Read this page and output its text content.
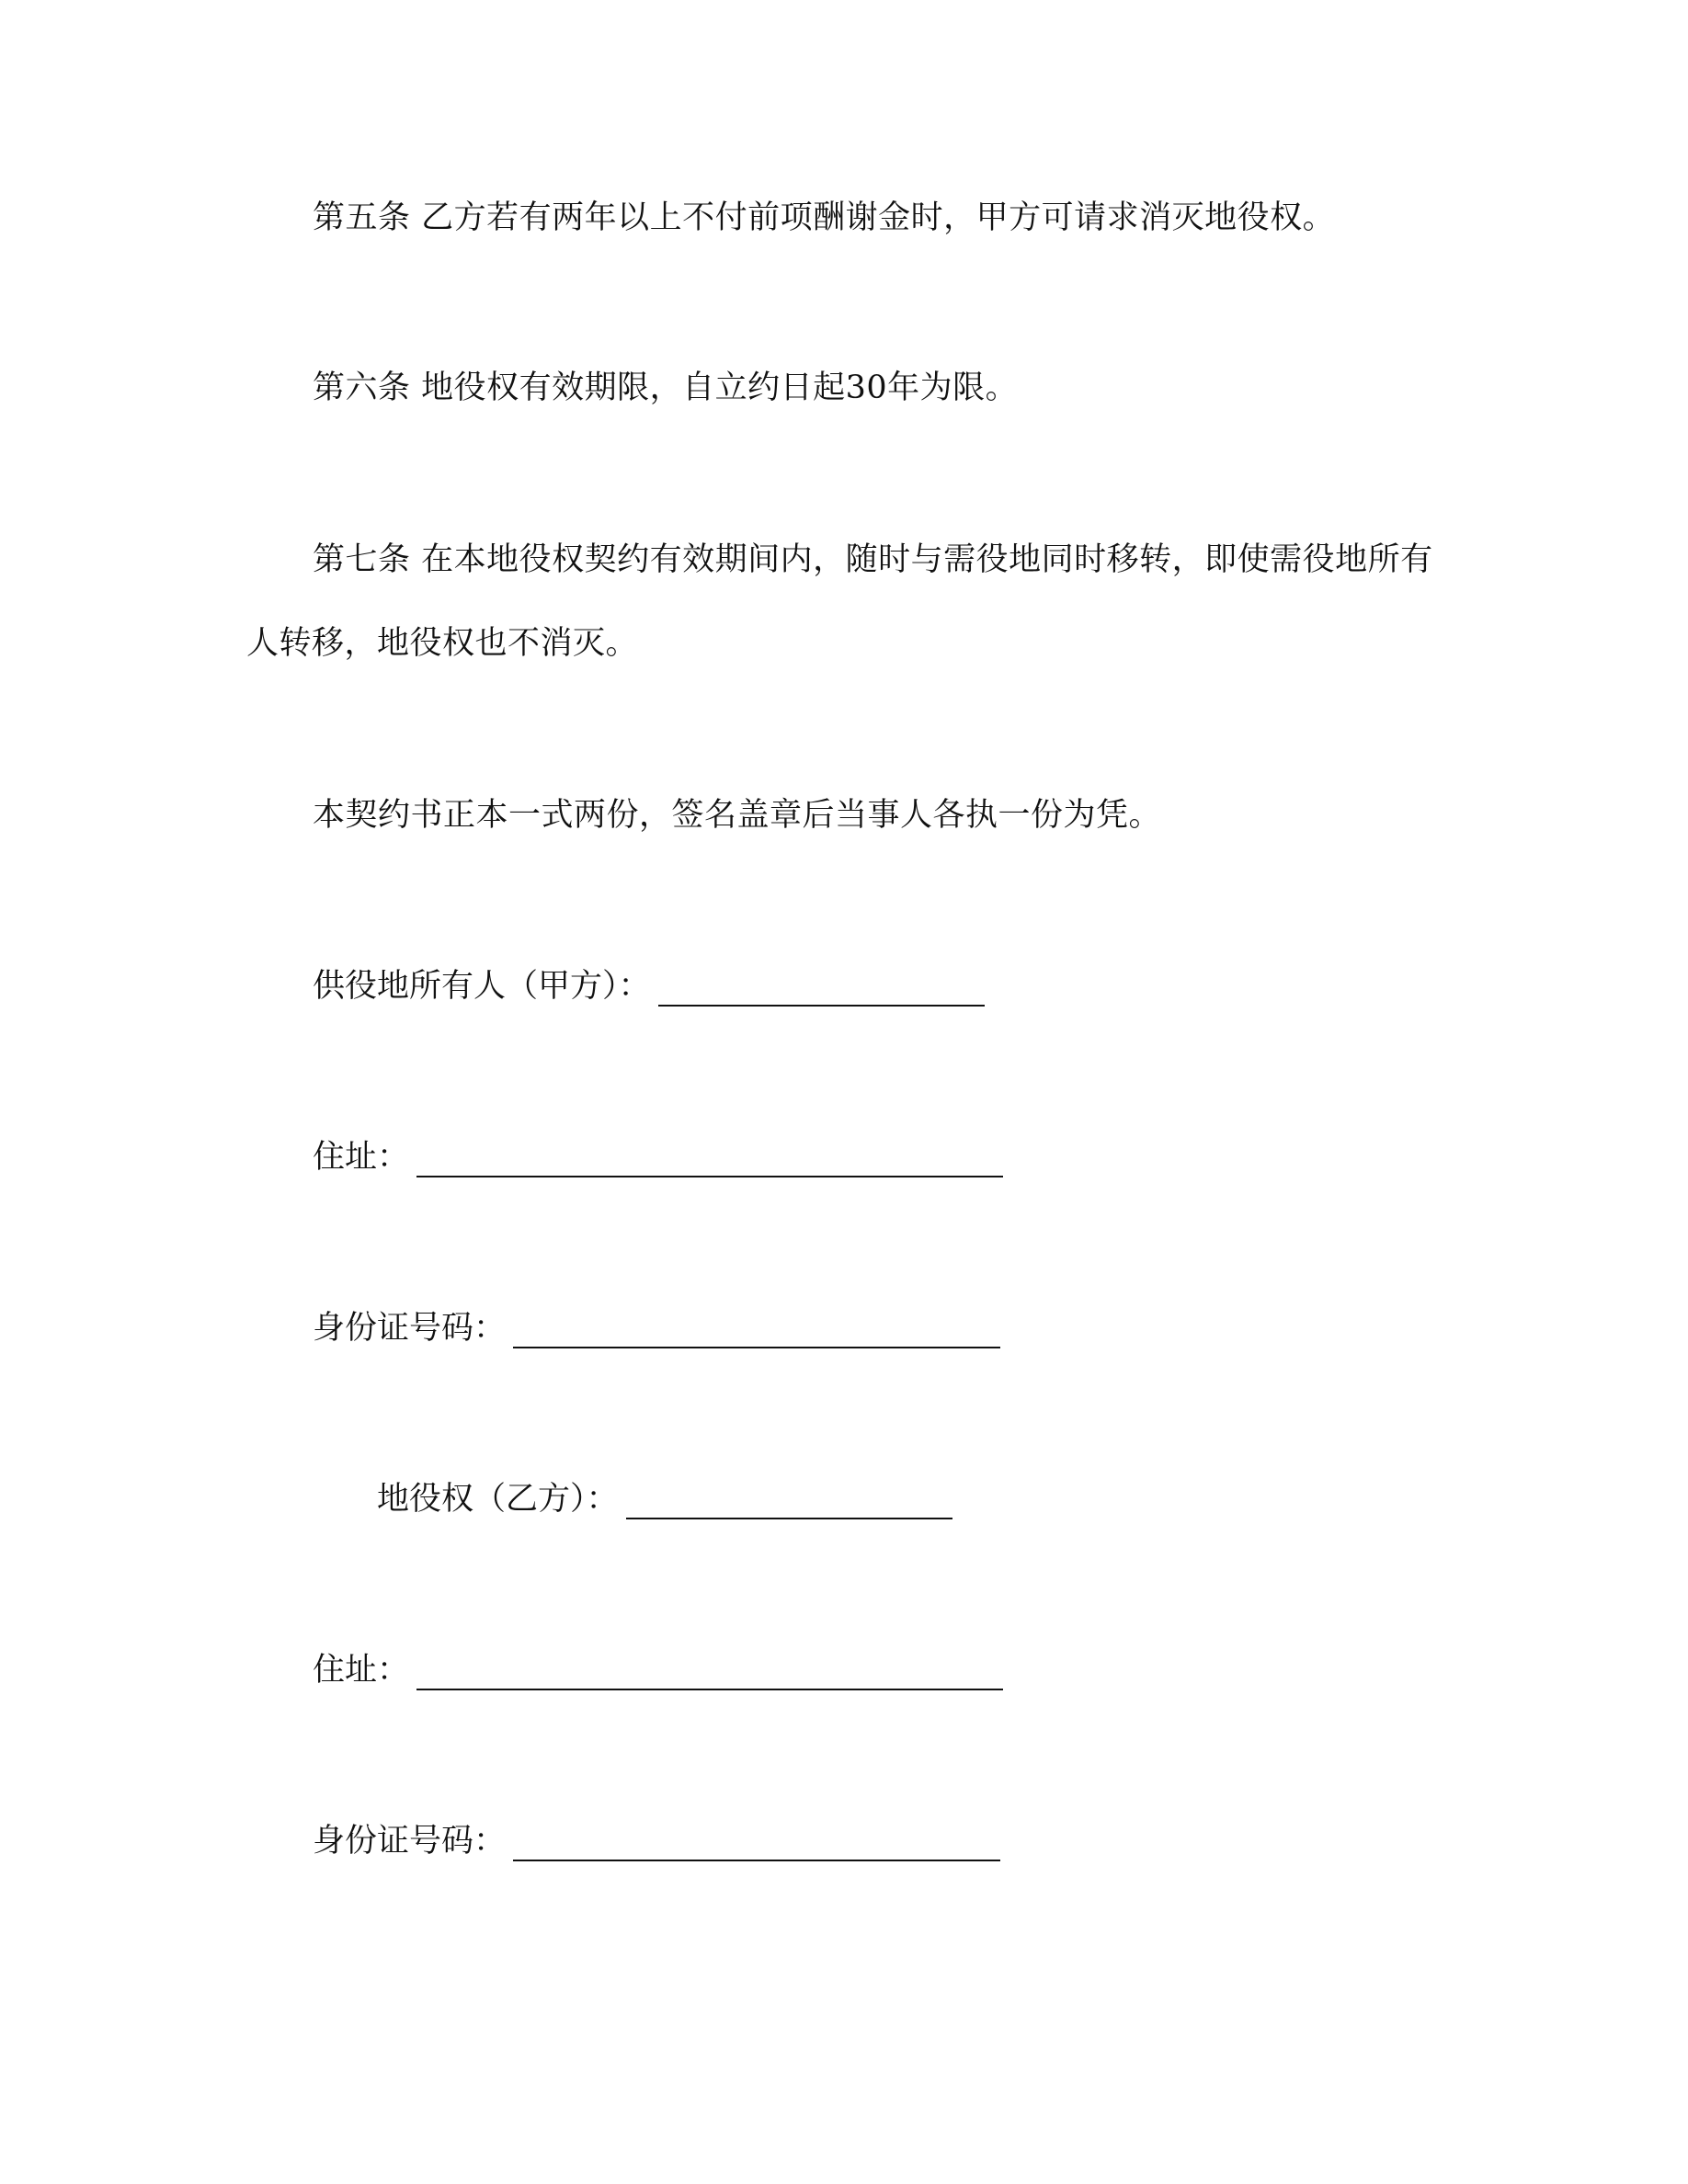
第五条 乙方若有两年以上不付前项酬谢金时，甲方可请求消灭地役权。
第六条 地役权有效期限，自立约日起30年为限。
第七条 在本地役权契约有效期间内，随时与需役地同时移转，即使需役地所有
人转移，地役权也不消灭。
本契约书正本一式两份，签名盖章后当事人各执一份为凭。
供役地所有人（甲方）：
住址：
身份证号码：
地役权（乙方）：
住址：
身份证号码：
